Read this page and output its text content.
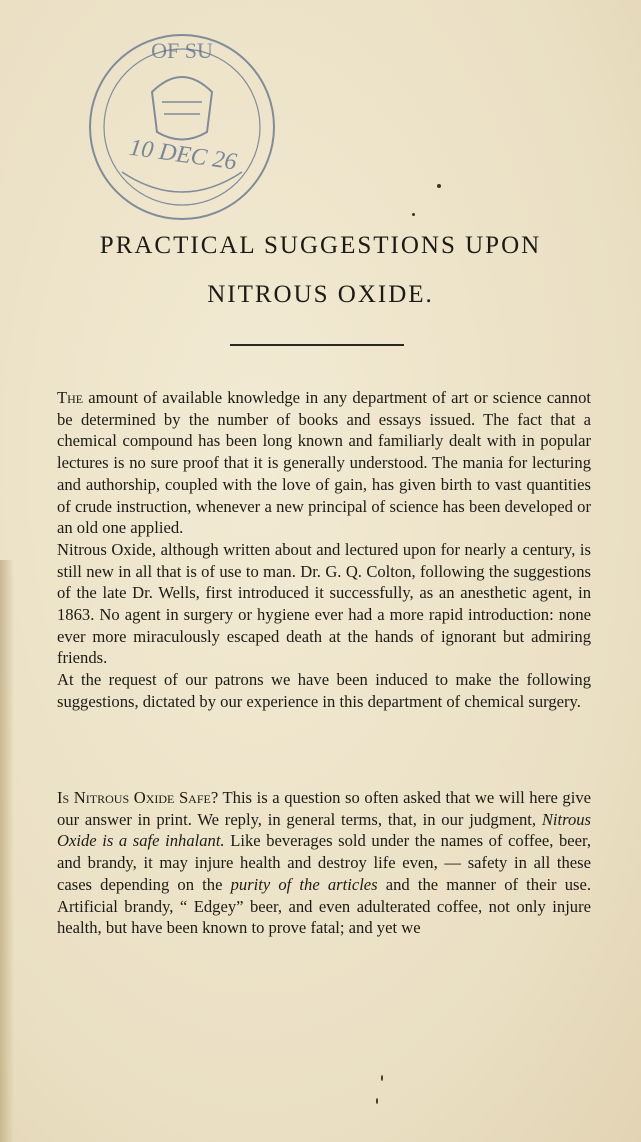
OF SU
10 DEC 26
PRACTICAL SUGGESTIONS UPON
NITROUS OXIDE.

The amount of available knowledge in any department of art or science cannot be determined by the number of books and essays issued. The fact that a chemical compound has been long known and familiarly dealt with in popular lectures is no sure proof that it is generally understood. The mania for lecturing and authorship, coupled with the love of gain, has given birth to vast quantities of crude instruction, whenever a new principal of science has been developed or an old one applied.

Nitrous Oxide, although written about and lectured upon for nearly a century, is still new in all that is of use to man. Dr. G. Q. Colton, following the suggestions of the late Dr. Wells, first introduced it successfully, as an anesthetic agent, in 1863. No agent in surgery or hygiene ever had a more rapid introduction: none ever more miraculously escaped death at the hands of ignorant but admiring friends.

At the request of our patrons we have been induced to make the following suggestions, dictated by our experience in this department of chemical surgery.

Is Nitrous Oxide Safe? This is a question so often asked that we will here give our answer in print. We reply, in general terms, that, in our judgment, Nitrous Oxide is a safe inhalant. Like beverages sold under the names of coffee, beer, and brandy, it may injure health and destroy life even, — safety in all these cases depending on the purity of the articles and the manner of their use. Artificial brandy, “ Edgey” beer, and even adulterated coffee, not only injure health, but have been known to prove fatal; and yet we
